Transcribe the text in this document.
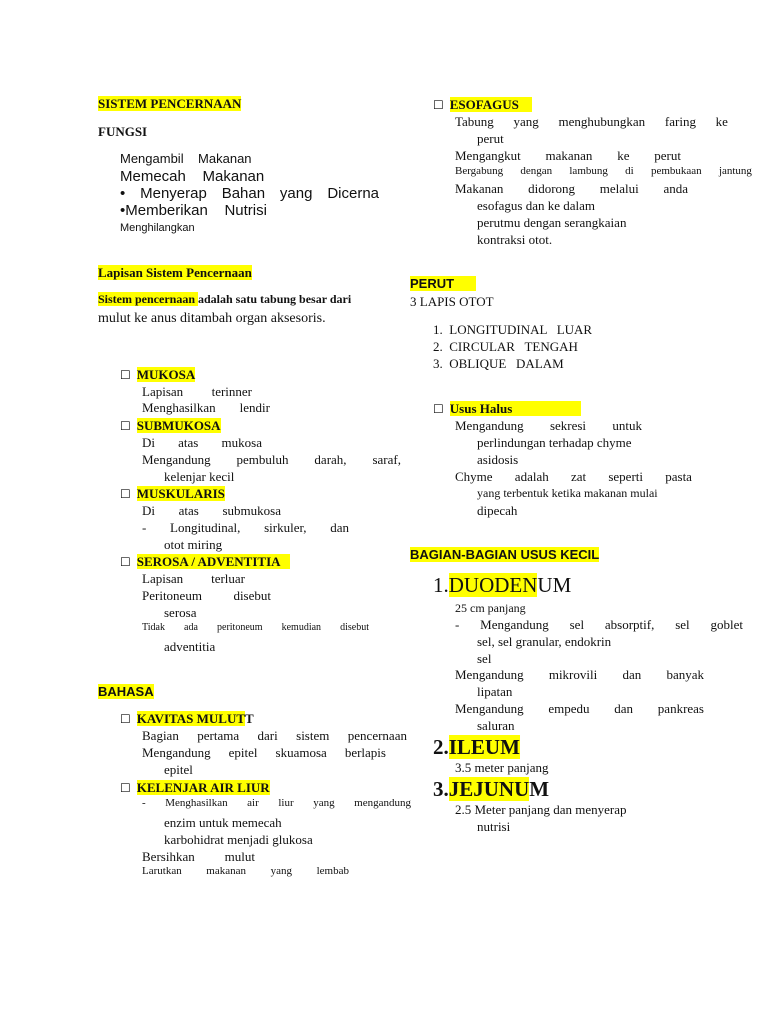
SISTEM PENCERNAAN
FUNGSI
Mengambil Makanan
Memecah Makanan
• Menyerap Bahan yang Dicerna
•Memberikan Nutrisi
Menghilangkan
Lapisan Sistem Pencernaan
Sistem pencernaan adalah satu tabung besar dari
mulut ke anus ditambah organ aksesoris.
☐ MUKOSA
Lapisan terinner
Menghasilkan lendir
☐ SUBMUKOSA
Di atas mukosa
Mengandung pembuluh darah, saraf,
kelenjar kecil
☐ MUSKULARIS
Di atas submukosa
- Longitudinal, sirkuler, dan
otot miring
☐ SEROSA / ADVENTITIA
Lapisan terluar
Peritoneum disebut
serosa
Tidak ada peritoneum kemudian disebut
adventitia
BAHASA
☐ KAVITAS MULUTT
Bagian pertama dari sistem pencernaan
Mengandung epitel skuamosa berlapis
epitel
☐ KELENJAR AIR LIUR
- Menghasilkan air liur yang mengandung
enzim untuk memecah
karbohidrat menjadi glukosa
Bersihkan mulut
Larutkan makanan yang lembab
☐ ESOFAGUS
Tabung yang menghubungkan faring ke
perut
Mengangkut makanan ke perut
Bergabung dengan lambung di pembukaan jantung
Makanan didorong melalui anda
esofagus dan ke dalam
perutmu dengan serangkaian
kontraksi otot.
PERUT
3 LAPIS OTOT
1. LONGITUDINAL   LUAR
2. CIRCULAR   TENGAH
3. OBLIQUE   DALAM
☐ Usus Halus
Mengandung sekresi untuk
perlindungan terhadap chyme
asidosis
Chyme adalah zat seperti pasta
yang terbentuk ketika makanan mulai
dipecah
BAGIAN-BAGIAN USUS KECIL
1.DUODENUM
25 cm panjang
- Mengandung sel absorptif, sel goblet
sel, sel granular, endokrin
sel
Mengandung mikrovili dan banyak
lipatan
Mengandung empedu dan pankreas
saluran
2.ILEUM
3.5 meter panjang
3.JEJUNUM
2.5 Meter panjang dan menyerap
nutrisi
